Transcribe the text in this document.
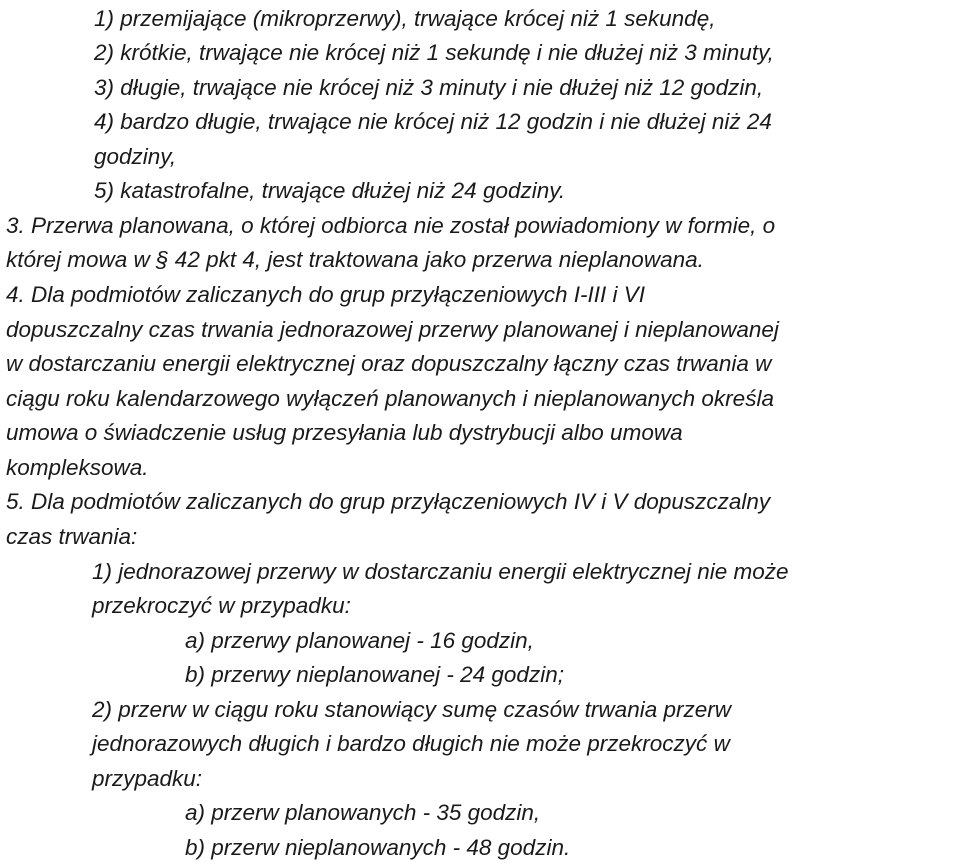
1) przemijające (mikroprzerwy), trwające krócej niż 1 sekundę,
2) krótkie, trwające nie krócej niż 1 sekundę i nie dłużej niż 3 minuty,
3) długie, trwające nie krócej niż 3 minuty i nie dłużej niż 12 godzin,
4) bardzo długie, trwające nie krócej niż 12 godzin i nie dłużej niż 24
godziny,
5) katastrofalne, trwające dłużej niż 24 godziny.
3. Przerwa planowana, o której odbiorca nie został powiadomiony w formie, o
której mowa w § 42 pkt 4, jest traktowana jako przerwa nieplanowana.
4. Dla podmiotów zaliczanych do grup przyłączeniowych I-III i VI
dopuszczalny czas trwania jednorazowej przerwy planowanej i nieplanowanej
w dostarczaniu energii elektrycznej oraz dopuszczalny łączny czas trwania w
ciągu roku kalendarzowego wyłączeń planowanych i nieplanowanych określa
umowa o świadczenie usług przesyłania lub dystrybucji albo umowa
kompleksowa.
5. Dla podmiotów zaliczanych do grup przyłączeniowych IV i V dopuszczalny
czas trwania:
1) jednorazowej przerwy w dostarczaniu energii elektrycznej nie może
przekroczyć w przypadku:
a) przerwy planowanej - 16 godzin,
b) przerwy nieplanowanej - 24 godzin;
2) przerw w ciągu roku stanowiący sumę czasów trwania przerw
jednorazowych długich i bardzo długich nie może przekroczyć w
przypadku:
a) przerw planowanych - 35 godzin,
b) przerw nieplanowanych - 48 godzin.
